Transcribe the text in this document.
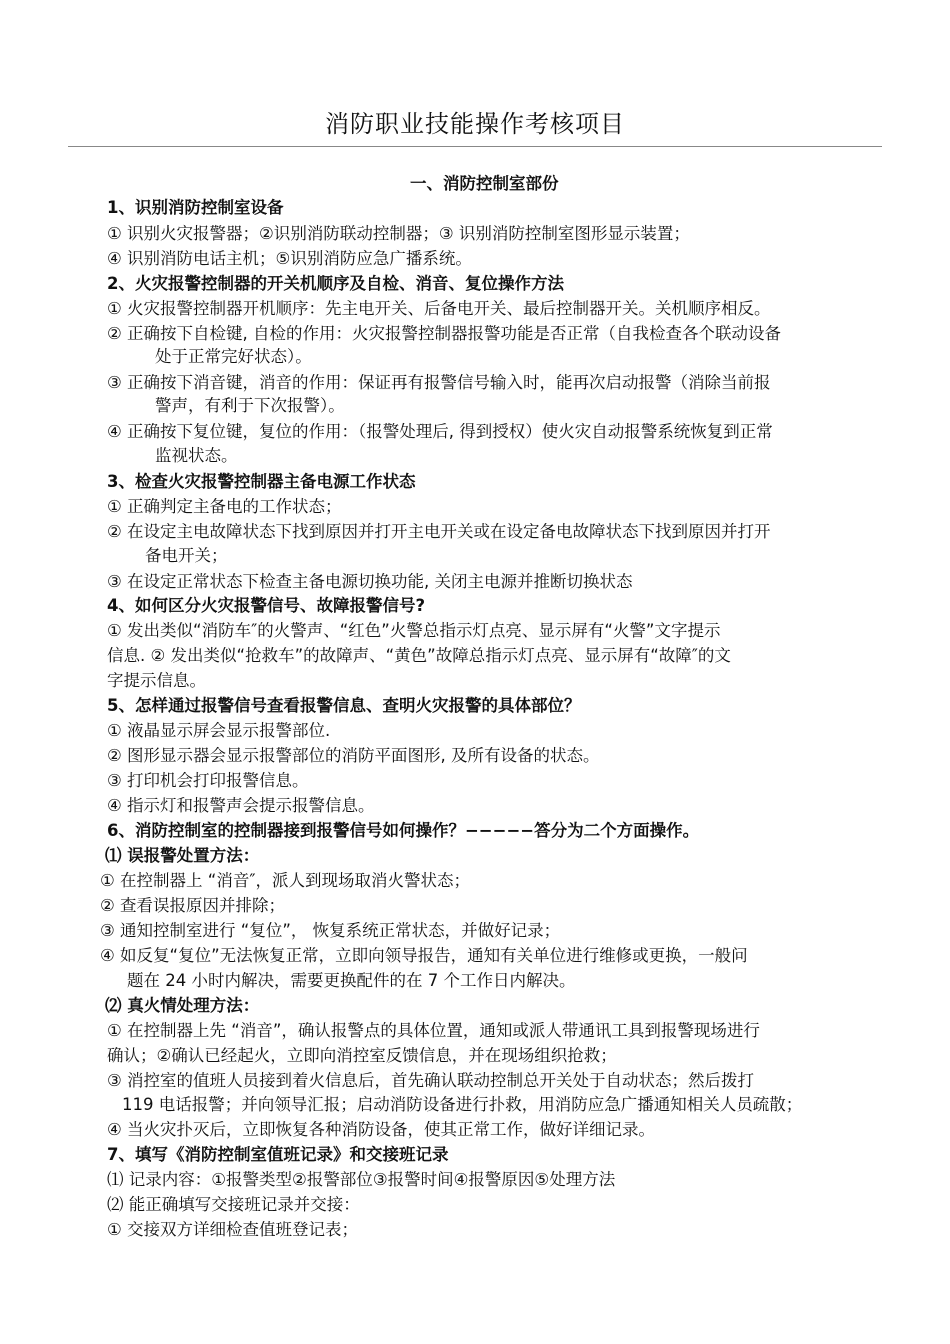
消防职业技能操作考核项目
一、消防控制室部份
1、识别消防控制室设备
① 识别火灾报警器；②识别消防联动控制器；③ 识别消防控制室图形显示装置；
④ 识别消防电话主机；⑤识别消防应急广播系统。
2、火灾报警控制器的开关机顺序及自检、消音、复位操作方法
① 火灾报警控制器开机顺序：先主电开关、后备电开关、最后控制器开关。关机顺序相反。
② 正确按下自检键, 自检的作用：火灾报警控制器报警功能是否正常（自我检查各个联动设备
处于正常完好状态）。
③ 正确按下消音键，消音的作用：保证再有报警信号输入时，能再次启动报警（消除当前报
警声，有利于下次报警）。
④ 正确按下复位键，复位的作用：（报警处理后, 得到授权）使火灾自动报警系统恢复到正常
监视状态。
3、检查火灾报警控制器主备电源工作状态
① 正确判定主备电的工作状态；
② 在设定主电故障状态下找到原因并打开主电开关或在设定备电故障状态下找到原因并打开
备电开关；
③ 在设定正常状态下检查主备电源切换功能, 关闭主电源并推断切换状态
4、如何区分火灾报警信号、故障报警信号?
① 发出类似“消防车″的火警声、“红色”火警总指示灯点亮、显示屏有“火警”文字提示
信息. ② 发出类似“抢救车”的故障声、“黄色”故障总指示灯点亮、显示屏有“故障″的文
字提示信息。
5、怎样通过报警信号查看报警信息、查明火灾报警的具体部位？
① 液晶显示屏会显示报警部位.
② 图形显示器会显示报警部位的消防平面图形, 及所有设备的状态。
③ 打印机会打印报警信息。
④ 指示灯和报警声会提示报警信息。
6、消防控制室的控制器接到报警信号如何操作？−−−−−答分为二个方面操作。
⑴ 误报警处置方法：
① 在控制器上 “消音″，派人到现场取消火警状态；
② 查看误报原因并排除；
③ 通知控制室进行 “复位”， 恢复系统正常状态，并做好记录；
④ 如反复“复位”无法恢复正常，立即向领导报告，通知有关单位进行维修或更换，一般问
题在 24 小时内解决，需要更换配件的在 7 个工作日内解决。
⑵ 真火情处理方法：
① 在控制器上先 “消音”，确认报警点的具体位置，通知或派人带通讯工具到报警现场进行
确认；②确认已经起火，立即向消控室反馈信息，并在现场组织抢救；
③ 消控室的值班人员接到着火信息后，首先确认联动控制总开关处于自动状态；然后拨打
119 电话报警；并向领导汇报；启动消防设备进行扑救，用消防应急广播通知相关人员疏散；
④ 当火灾扑灭后，立即恢复各种消防设备，使其正常工作，做好详细记录。
7、填写《消防控制室值班记录》和交接班记录
⑴ 记录内容：①报警类型②报警部位③报警时间④报警原因⑤处理方法
⑵ 能正确填写交接班记录并交接：
① 交接双方详细检查值班登记表；
